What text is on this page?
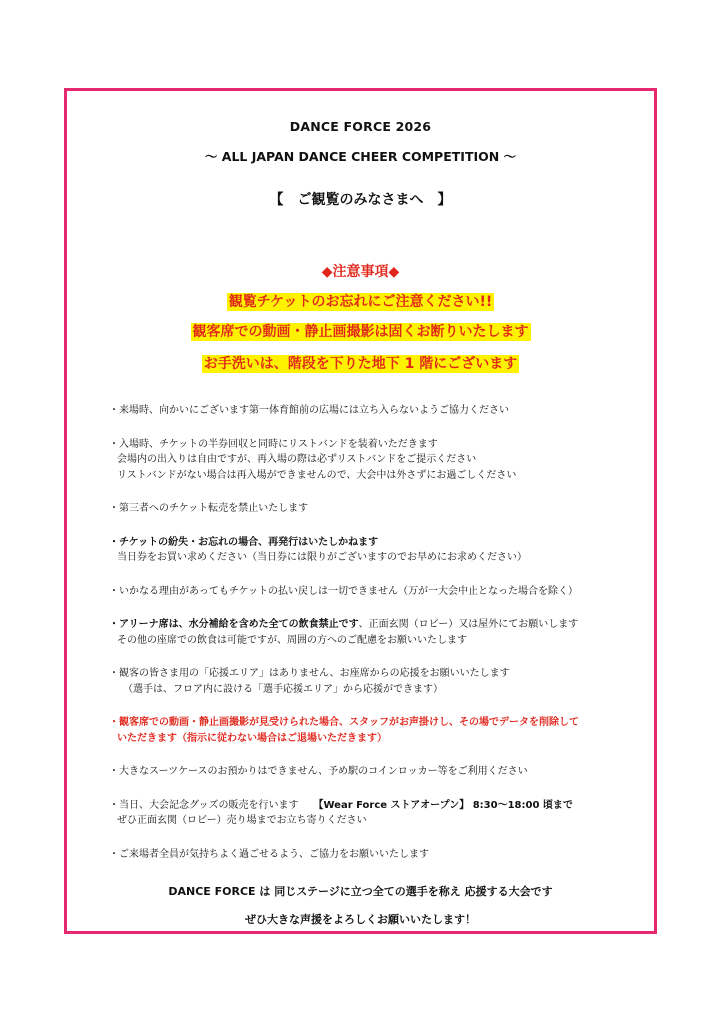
DANCE FORCE 2026
～ ALL JAPAN DANCE CHEER COMPETITION ～
【　ご観覧のみなさまへ　】
◆注意事項◆
観覧チケットのお忘れにご注意ください!!
観客席での動画・静止画撮影は固くお断りいたします
お手洗いは、階段を下りた地下 1 階にございます
・来場時、向かいにございます第一体育館前の広場には立ち入らないようご協力ください
・入場時、チケットの半券回収と同時にリストバンドを装着いただきます
会場内の出入りは自由ですが、再入場の際は必ずリストバンドをご提示ください
リストバンドがない場合は再入場ができませんので、大会中は外さずにお過ごしください
・第三者へのチケット転売を禁止いたします
・チケットの紛失・お忘れの場合、再発行はいたしかねます
当日券をお買い求めください（当日券には限りがございますのでお早めにお求めください）
・いかなる理由があってもチケットの払い戻しは一切できません（万が一大会中止となった場合を除く）
・アリーナ席は、水分補給を含めた全ての飲食禁止です、正面玄関（ロビー）又は屋外にてお願いします
その他の座席での飲食は可能ですが、周囲の方へのご配慮をお願いいたします
・観客の皆さま用の「応援エリア」はありません、お座席からの応援をお願いいたします
（選手は、フロア内に設ける「選手応援エリア」から応援ができます）
・観客席での動画・静止画撮影が見受けられた場合、スタッフがお声掛けし、その場でデータを削除して
いただきます（指示に従わない場合はご退場いただきます）
・大きなスーツケースのお預かりはできません、予め駅のコインロッカー等をご利用ください
・当日、大会記念グッズの販売を行います　　 【Wear Force ストアオープン】 8:30～18:00 頃まで
ぜひ正面玄関（ロビー）売り場までお立ち寄りください
・ご来場者全員が気持ちよく過ごせるよう、ご協力をお願いいたします
DANCE FORCE は 同じステージに立つ全ての選手を称え 応援する大会です
ぜひ大きな声援をよろしくお願いいたします！
